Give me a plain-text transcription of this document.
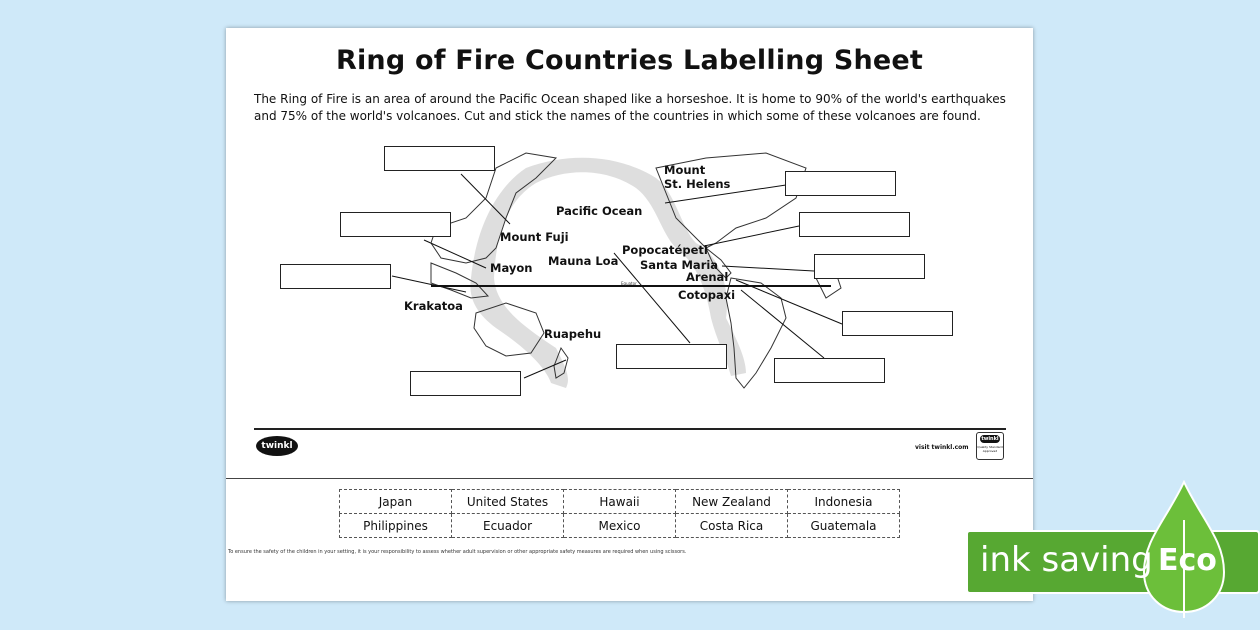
Ring of Fire Countries Labelling Sheet
The Ring of Fire is an area of around the Pacific Ocean shaped like a horseshoe. It is home to 90% of the world's earthquakes and 75% of the world's volcanoes. Cut and stick the names of the countries in which some of these volcanoes are found.
Equator
Mount
St. Helens
Pacific Ocean
Mount Fuji
Mauna Loa
Popocatépetl
Santa Maria
Arenal
Mayon
Cotopaxi
Krakatoa
Ruapehu
twinkl	visit twinkl.com
twinkl
Quality Standard Approved
Japan	United States	Hawaii	New Zealand	Indonesia
Philippines	Ecuador	Mexico	Costa Rica	Guatemala
To ensure the safety of the children in your setting, it is your responsibility to assess whether adult supervision or other appropriate safety measures are required when using scissors.	ink saving Eco
